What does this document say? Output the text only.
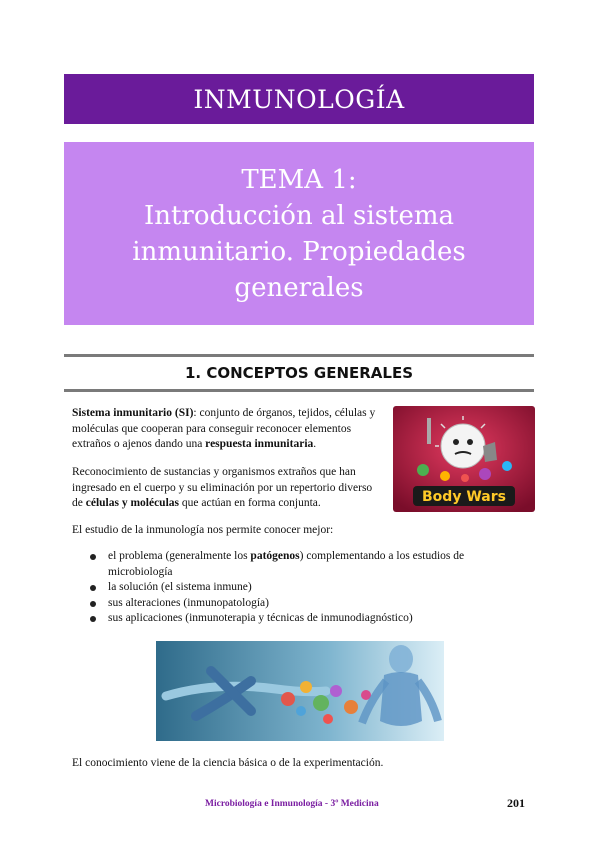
INMUNOLOGÍA
TEMA 1:
Introducción al sistema
inmunitario. Propiedades
generales
1. CONCEPTOS GENERALES

Sistema inmunitario (SI): conjunto de órganos, tejidos, células y moléculas que cooperan para conseguir reconocer elementos extraños o ajenos dando una respuesta inmunitaria.

Reconocimiento de sustancias y organismos extraños que han ingresado en el cuerpo y su eliminación por un repertorio diverso de células y moléculas que actúan en forma conjunta.

El estudio de la inmunología nos permite conocer mejor:

el problema (generalmente los patógenos) complementando a los estudios de microbiología
la solución (el sistema inmune)
sus alteraciones (inmunopatología)
sus aplicaciones (inmunoterapia y técnicas de inmunodiagnóstico)
Body Wars

El conocimiento viene de la ciencia básica o de la experimentación.

Microbiología e Inmunología - 3º Medicina	201
